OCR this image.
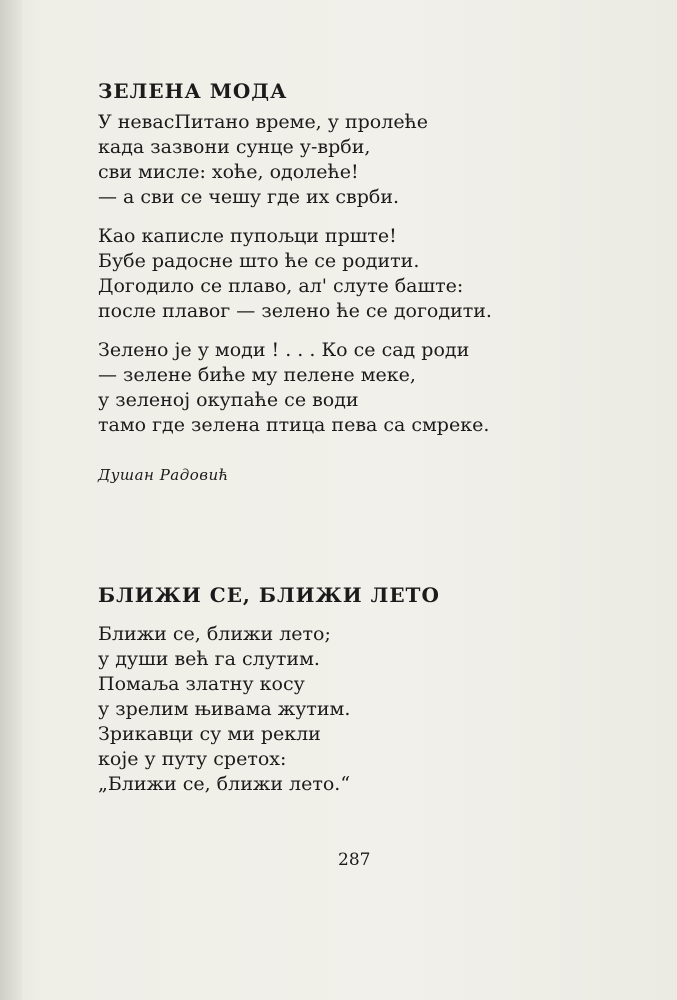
ЗЕЛЕНА МОДА
У невасПитано време, у пролеће
када зазвони сунце у-врби,
сви мисле: хоће, одолеће!
— а сви се чешу где их сврби.
Као каписле пупољци прште!
Бубе радосне што ће се родити.
Догодило се плаво, ал' слуте баште:
после плавог — зелено ће се догодити.
Зелено је у моди ! . . . Ко се сад роди
— зелене биће му пелене меке,
у зеленој окупаће се води
тамо где зелена птица пева са смреке.

Душан Радовић

БЛИЖИ СЕ, БЛИЖИ ЛЕТО
Ближи се, ближи лето;
у души већ га слутим.
Помаља златну косу
у зрелим њивама жутим.
Зрикавци су ми рекли
које у путу сретох:
„Ближи се, ближи лето.“
287
